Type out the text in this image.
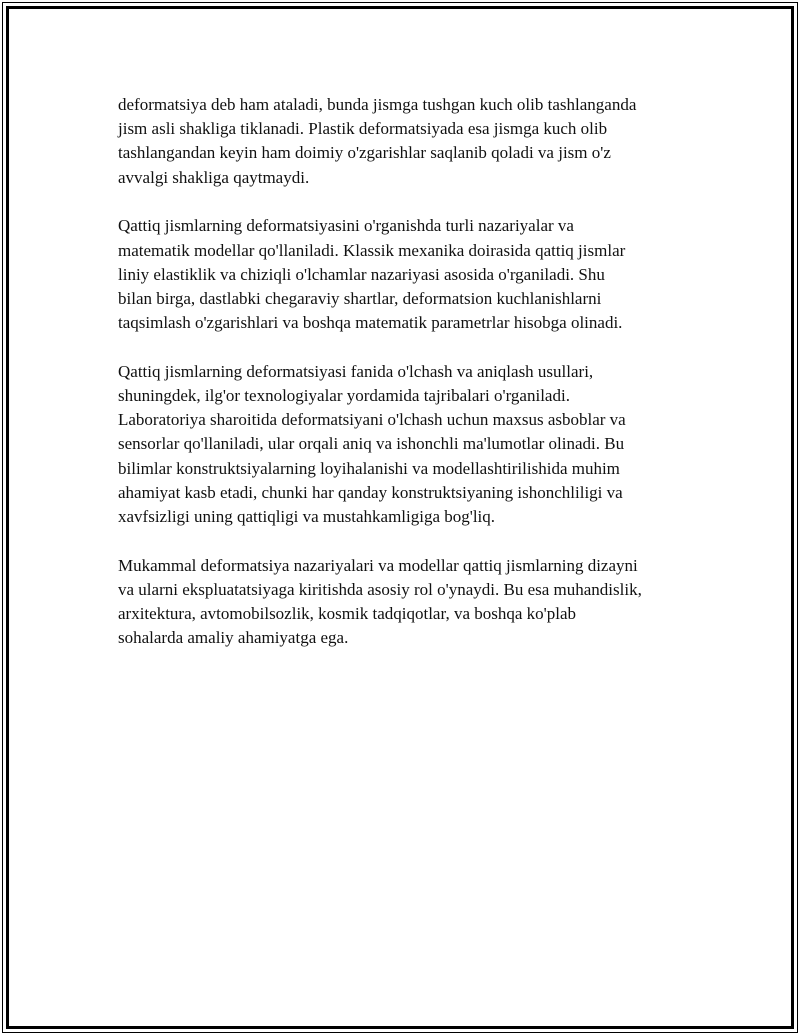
deformatsiya deb ham ataladi, bunda jismga tushgan kuch olib tashlanganda
jism asli shakliga tiklanadi. Plastik deformatsiyada esa jismga kuch olib
tashlangandan keyin ham doimiy o'zgarishlar saqlanib qoladi va jism o'z
avvalgi shakliga qaytmaydi.

Qattiq jismlarning deformatsiyasini o'rganishda turli nazariyalar va
matematik modellar qo'llaniladi. Klassik mexanika doirasida qattiq jismlar
liniy elastiklik va chiziqli o'lchamlar nazariyasi asosida o'rganiladi. Shu
bilan birga, dastlabki chegaraviy shartlar, deformatsion kuchlanishlarni
taqsimlash o'zgarishlari va boshqa matematik parametrlar hisobga olinadi.

Qattiq jismlarning deformatsiyasi fanida o'lchash va aniqlash usullari,
shuningdek, ilg'or texnologiyalar yordamida tajribalari o'rganiladi.
Laboratoriya sharoitida deformatsiyani o'lchash uchun maxsus asboblar va
sensorlar qo'llaniladi, ular orqali aniq va ishonchli ma'lumotlar olinadi. Bu
bilimlar konstruktsiyalarning loyihalanishi va modellashtirilishida muhim
ahamiyat kasb etadi, chunki har qanday konstruktsiyaning ishonchliligi va
xavfsizligi uning qattiqligi va mustahkamligiga bog'liq.

Mukammal deformatsiya nazariyalari va modellar qattiq jismlarning dizayni
va ularni ekspluatatsiyaga kiritishda asosiy rol o'ynaydi. Bu esa muhandislik,
arxitektura, avtomobilsozlik, kosmik tadqiqotlar, va boshqa ko'plab
sohalarda amaliy ahamiyatga ega.
